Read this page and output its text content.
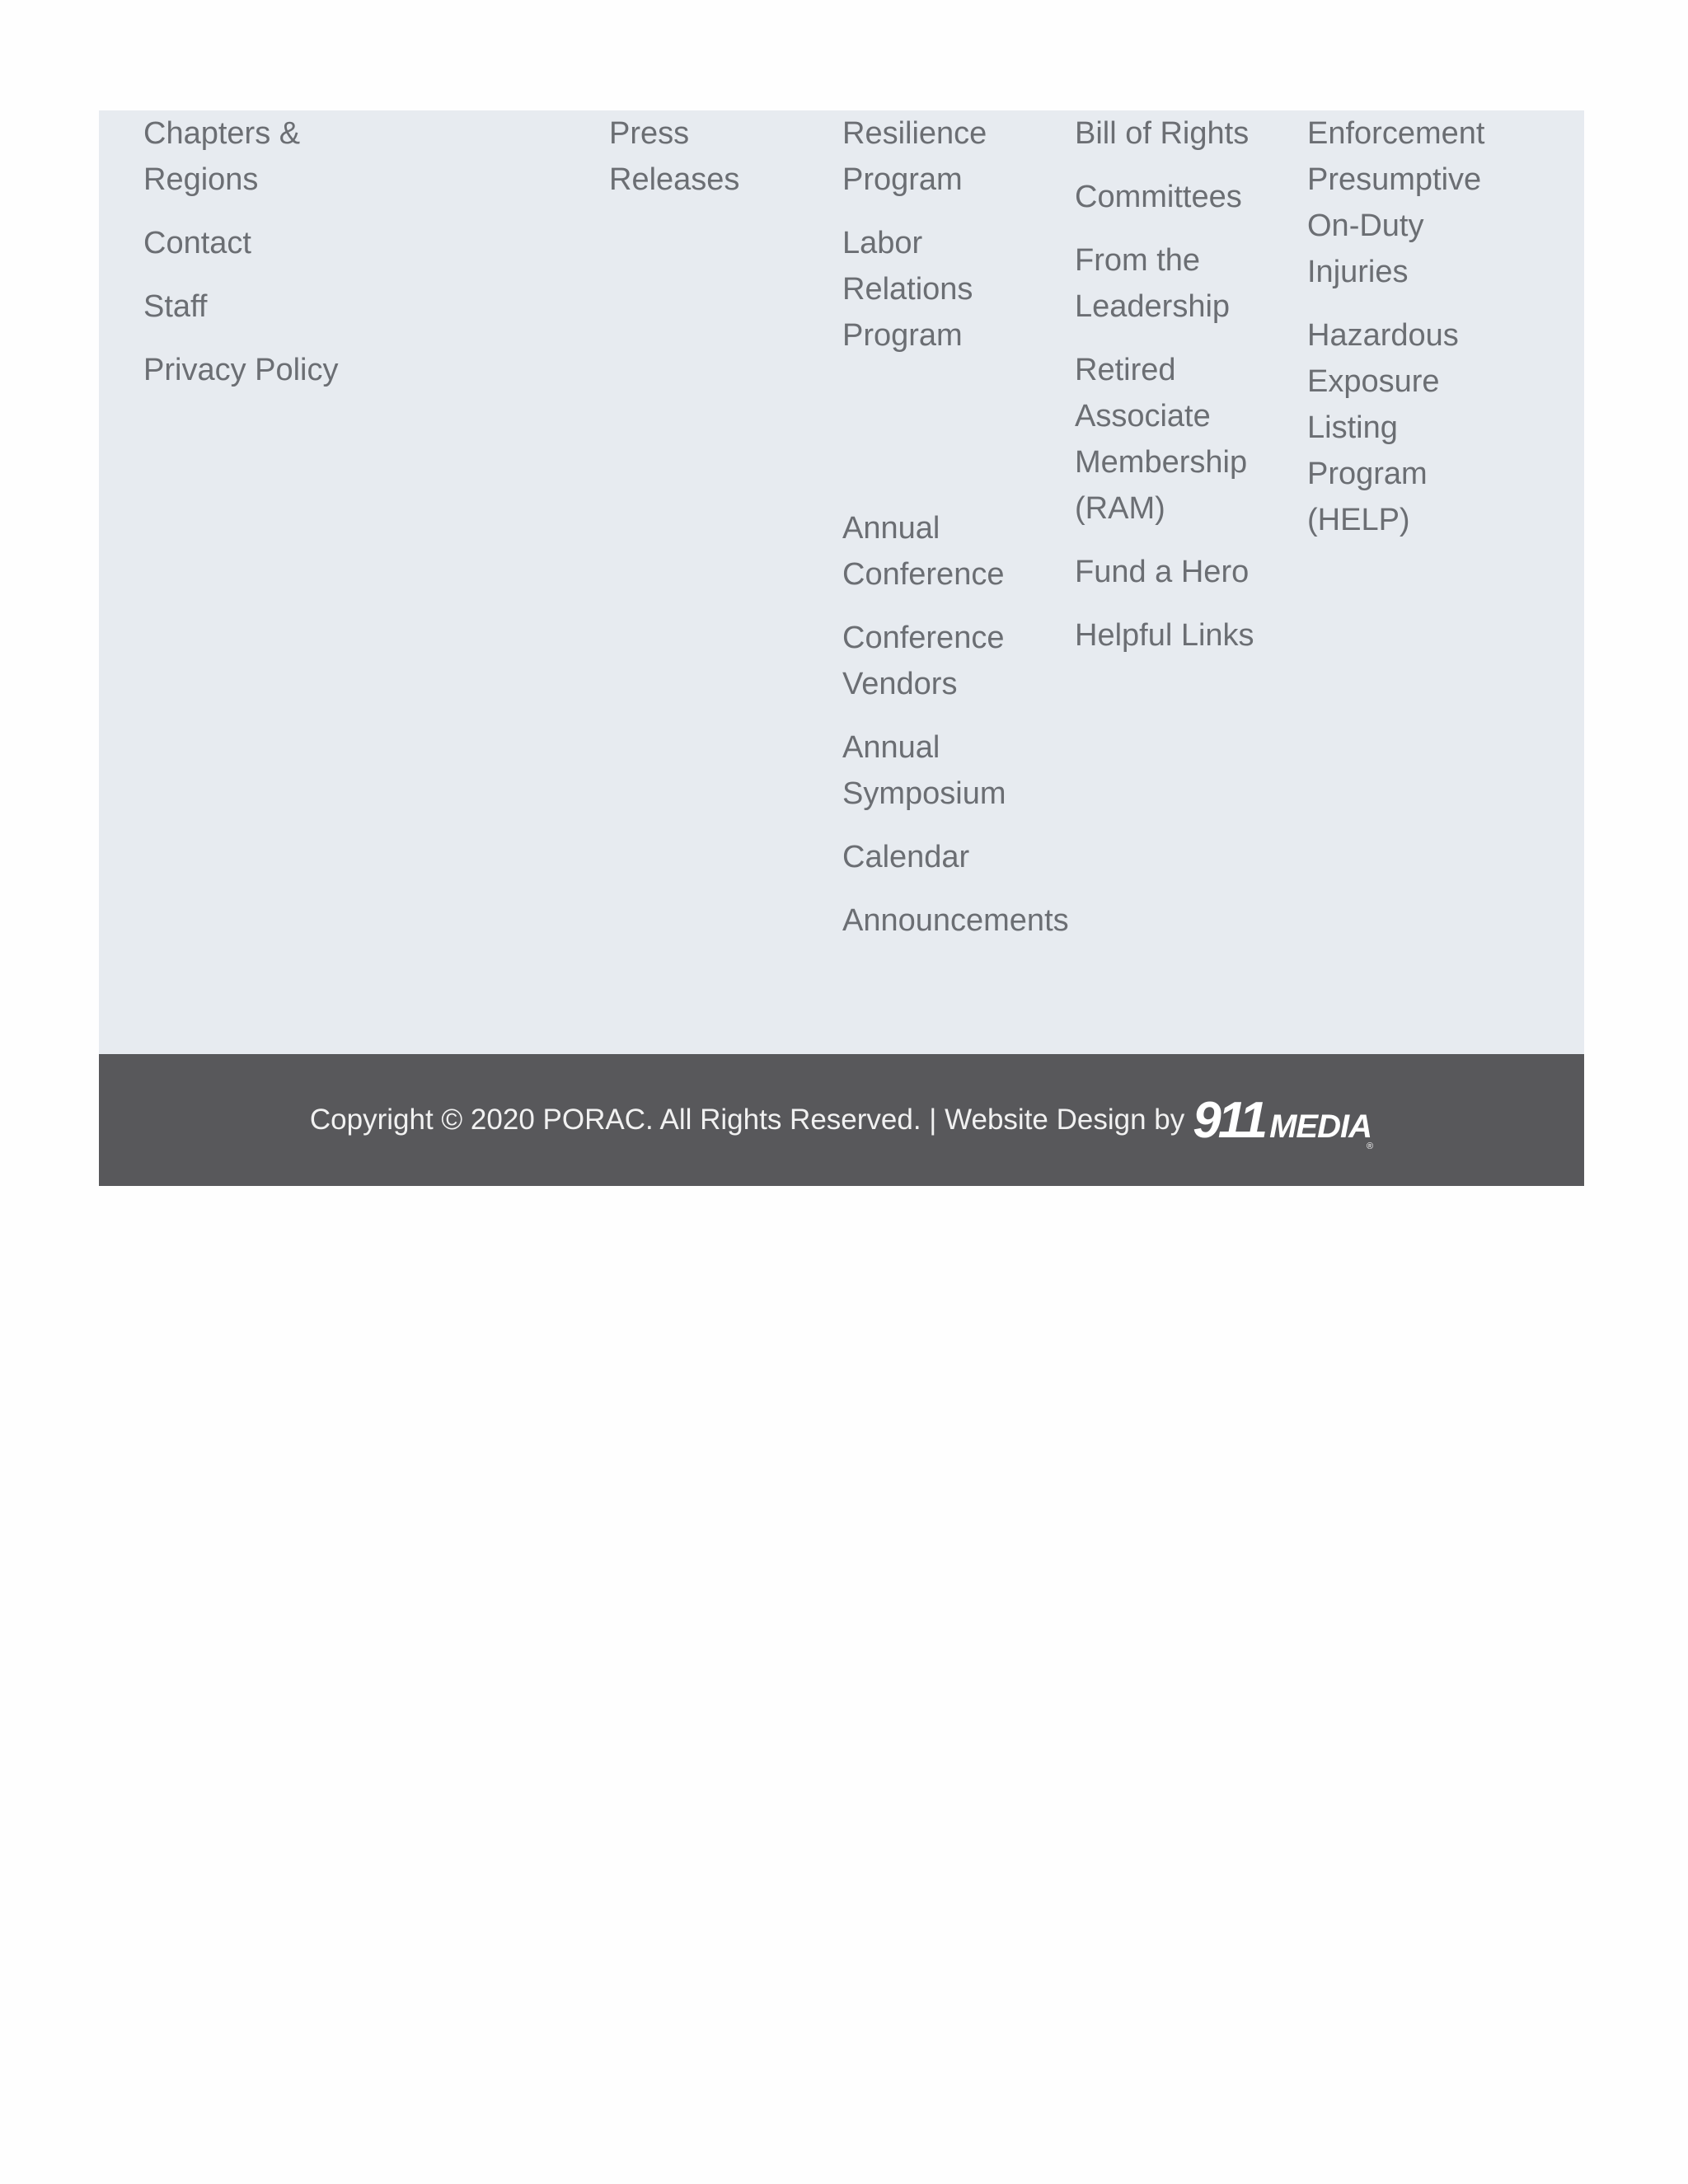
Chapters & Regions
Contact
Staff
Privacy Policy
Press Releases
Resilience Program
Labor Relations Program
Annual Conference
Conference Vendors
Annual Symposium
Calendar
Announcements
Bill of Rights
Committees
From the Leadership
Retired Associate Membership (RAM)
Fund a Hero
Helpful Links
Enforcement Presumptive On-Duty Injuries
Hazardous Exposure Listing Program (HELP)
Copyright © 2020 PORAC. All Rights Reserved. | Website Design by 911 MEDIA
®
